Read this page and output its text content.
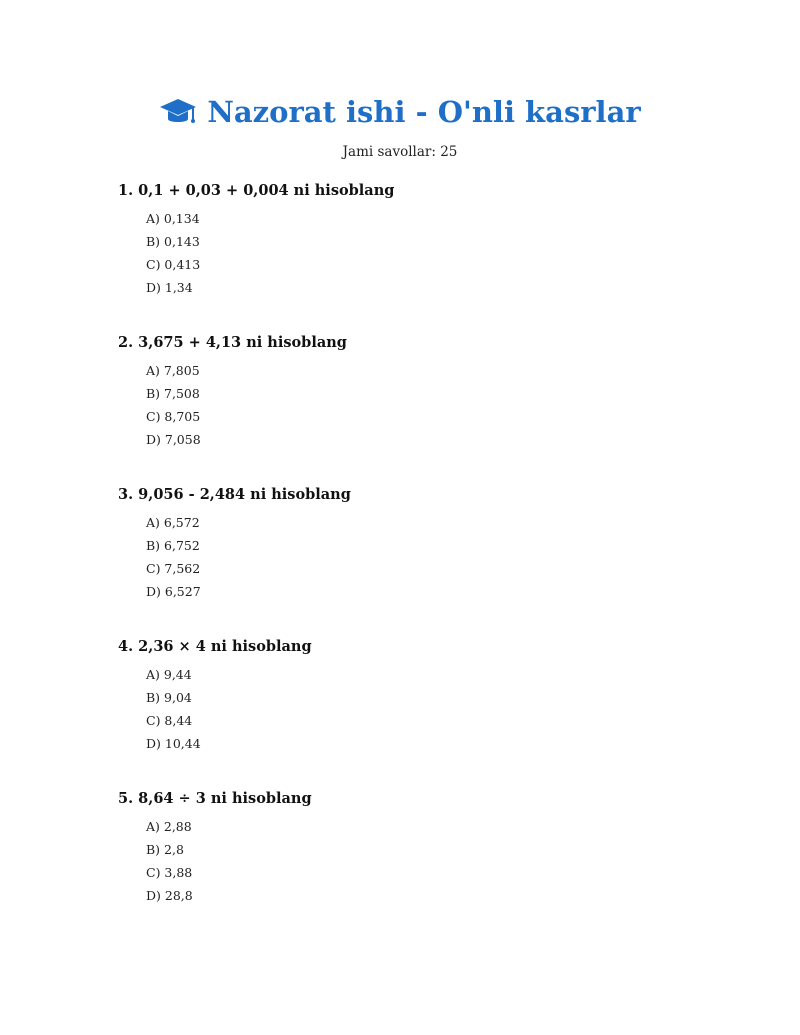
Nazorat ishi - O'nli kasrlar
Jami savollar: 25

1. 0,1 + 0,03 + 0,004 ni hisoblang

A) 0,134
B) 0,143
C) 0,413
D) 1,34

2. 3,675 + 4,13 ni hisoblang

A) 7,805
B) 7,508
C) 8,705
D) 7,058

3. 9,056 - 2,484 ni hisoblang

A) 6,572
B) 6,752
C) 7,562
D) 6,527

4. 2,36 × 4 ni hisoblang

A) 9,44
B) 9,04
C) 8,44
D) 10,44

5. 8,64 ÷ 3 ni hisoblang

A) 2,88
B) 2,8
C) 3,88
D) 28,8
